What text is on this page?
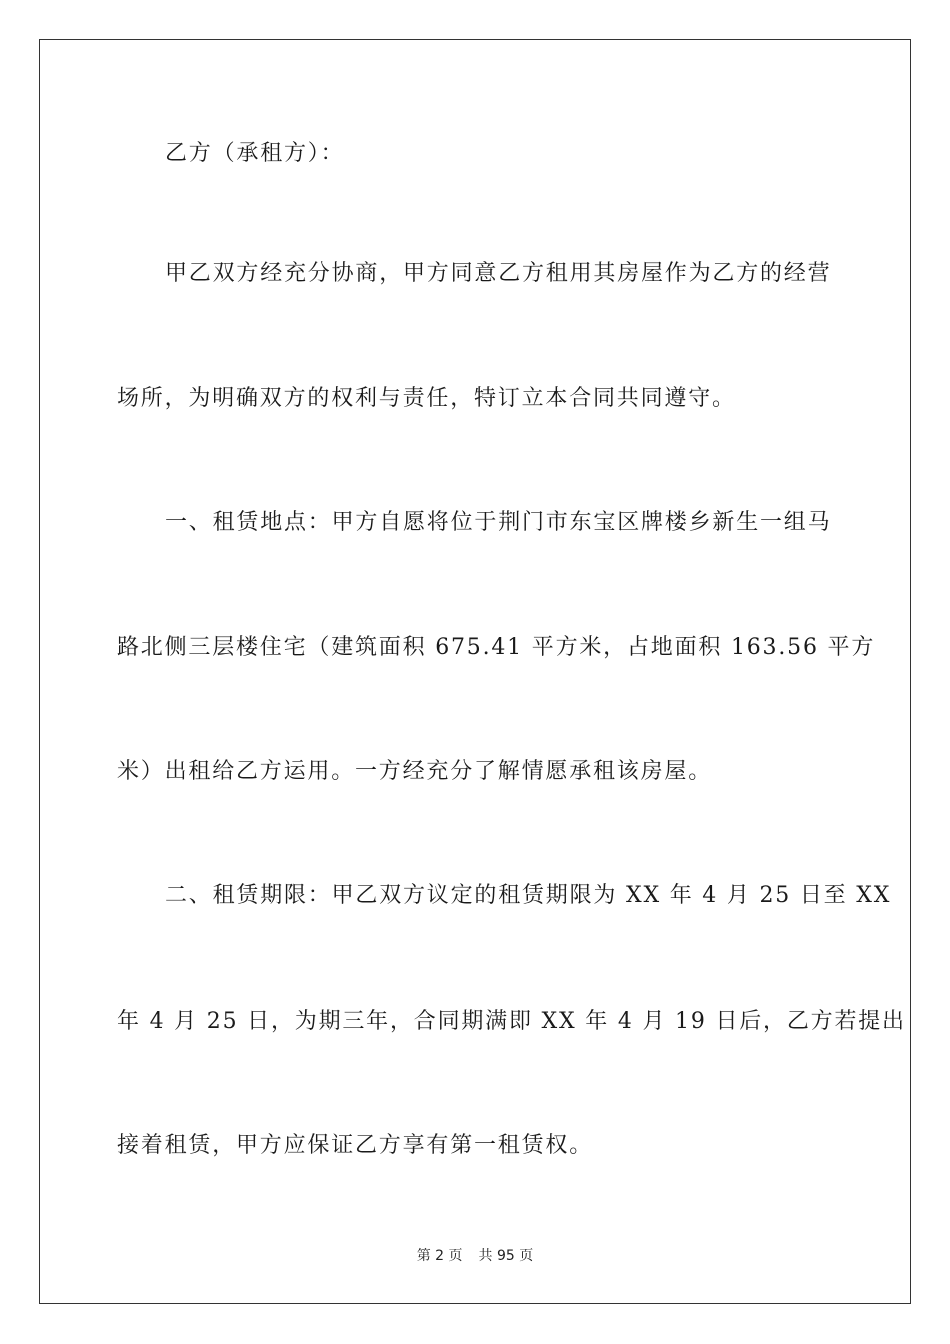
乙方（承租方）：
甲乙双方经充分协商，甲方同意乙方租用其房屋作为乙方的经营
场所，为明确双方的权利与责任，特订立本合同共同遵守。
一、租赁地点：甲方自愿将位于荆门市东宝区牌楼乡新生一组马
路北侧三层楼住宅（建筑面积 675.41 平方米，占地面积 163.56 平方
米）出租给乙方运用。一方经充分了解情愿承租该房屋。
二、租赁期限：甲乙双方议定的租赁期限为 XX 年 4 月 25 日至 XX
年 4 月 25 日，为期三年，合同期满即 XX 年 4 月 19 日后，乙方若提出
接着租赁，甲方应保证乙方享有第一租赁权。
第 2 页 共 95 页
